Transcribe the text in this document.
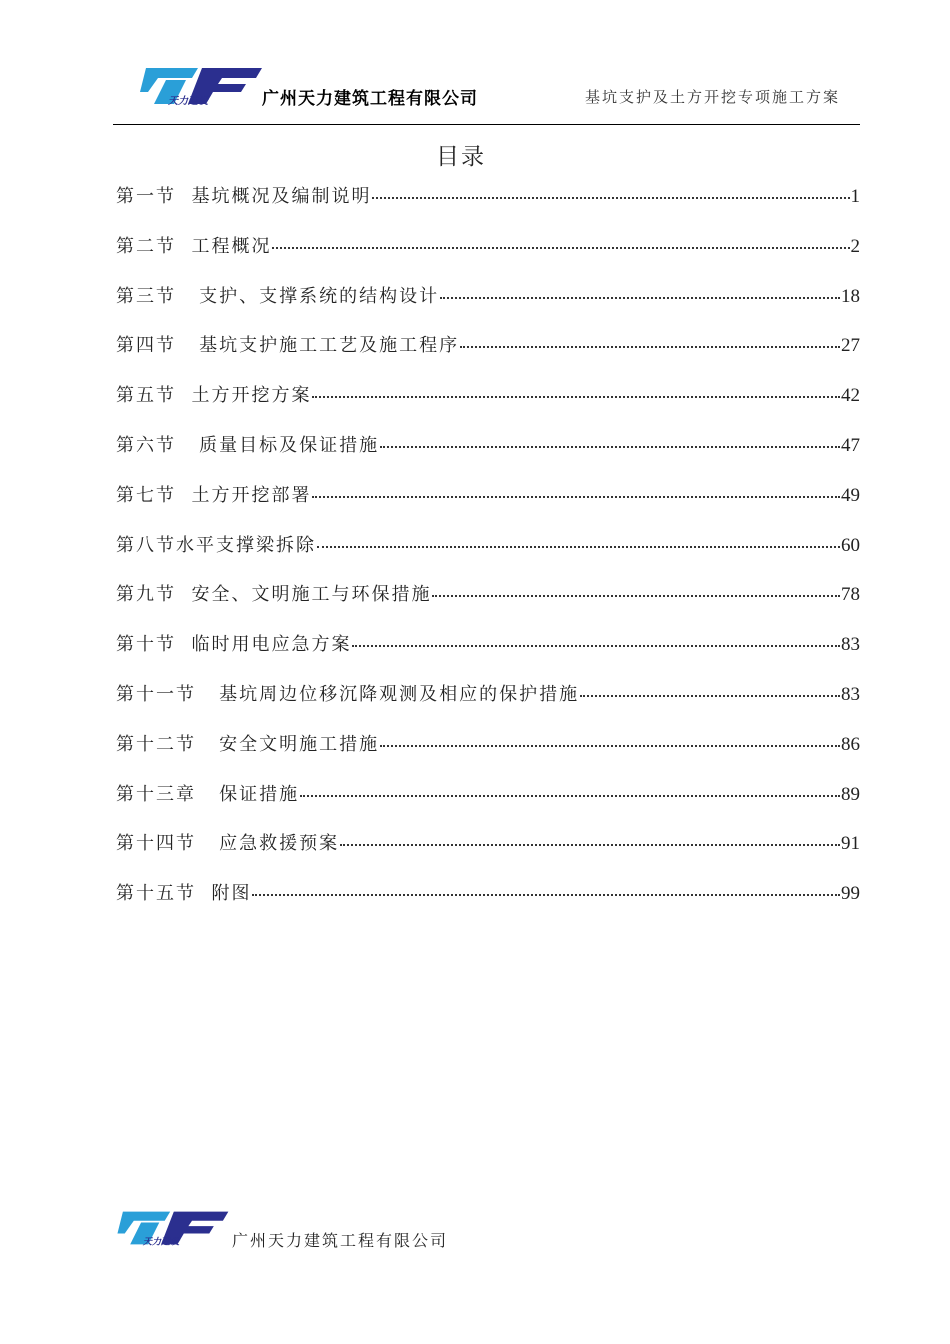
天力建设	广州天力建筑工程有限公司	基坑支护及土方开挖专项施工方案
目录
第一节  基坑概况及编制说明	1
第二节  工程概况	2
第三节   支护、支撑系统的结构设计	18
第四节   基坑支护施工工艺及施工程序	27
第五节  土方开挖方案	42
第六节   质量目标及保证措施	47
第七节  土方开挖部署	49
第八节水平支撑梁拆除	60
第九节  安全、文明施工与环保措施	78
第十节  临时用电应急方案	83
第十一节   基坑周边位移沉降观测及相应的保护措施	83
第十二节   安全文明施工措施	86
第十三章   保证措施	89
第十四节   应急救援预案	91
第十五节  附图	99
天力建设	广州天力建筑工程有限公司
